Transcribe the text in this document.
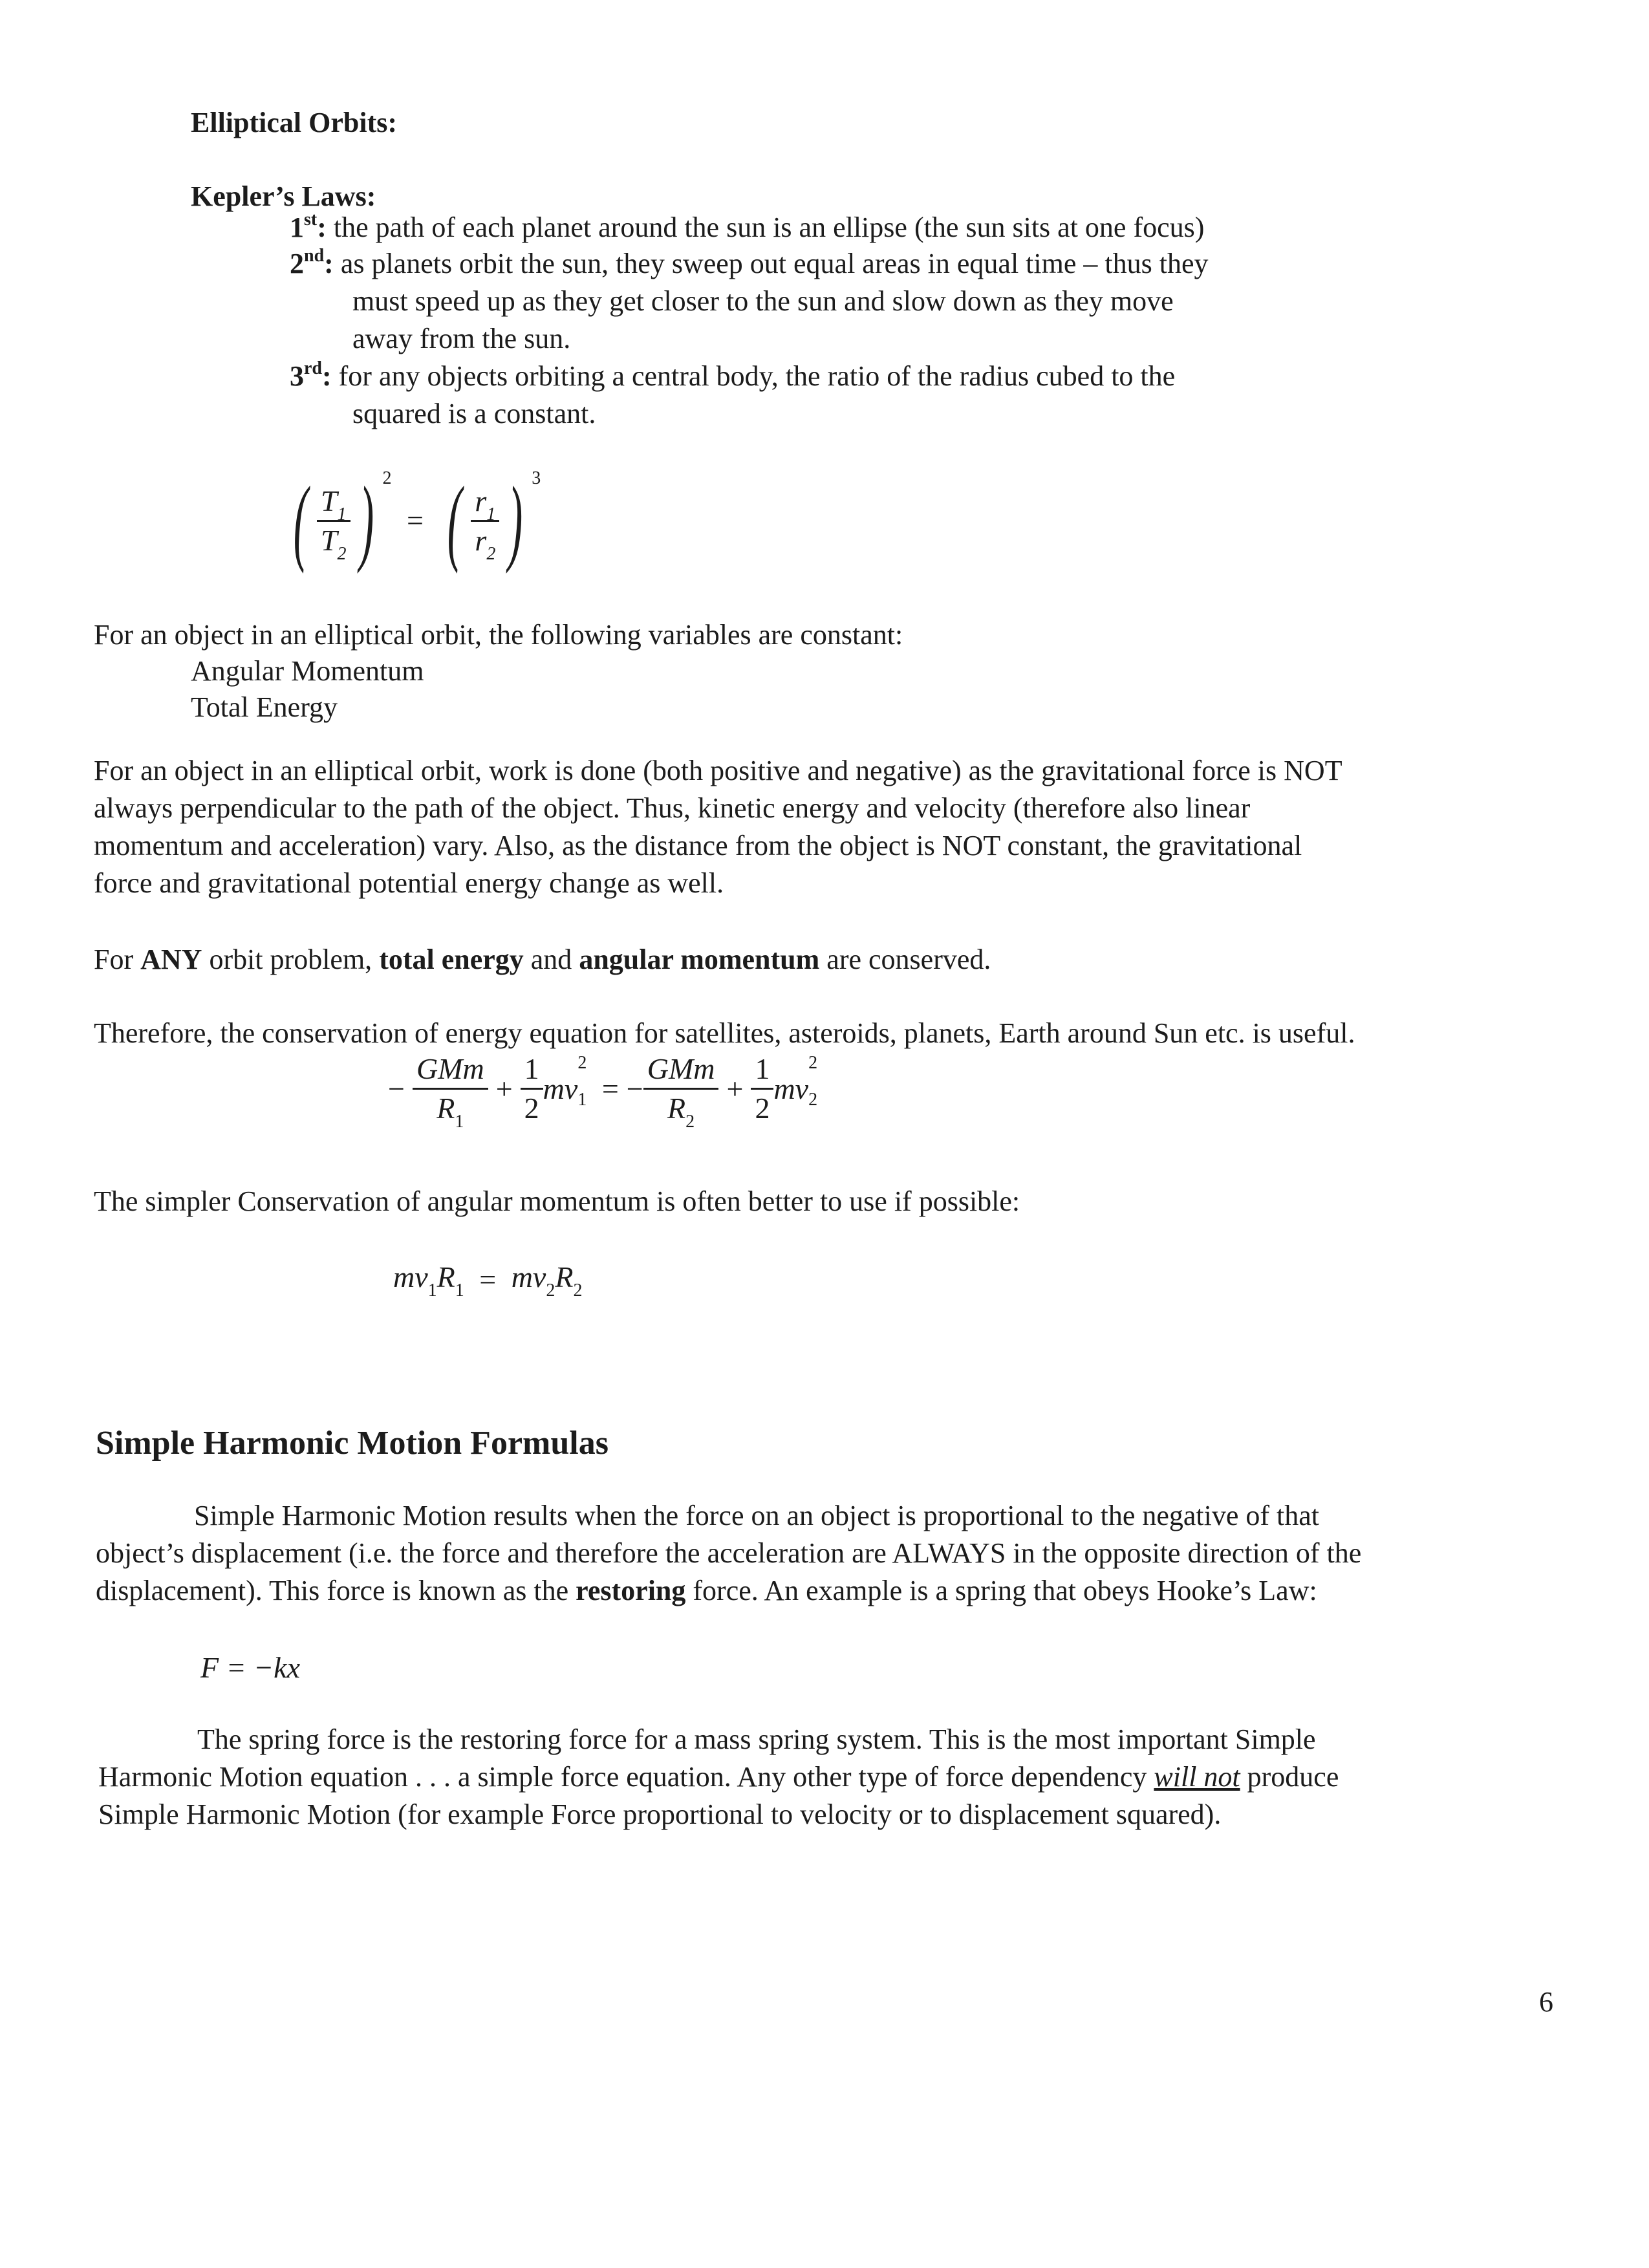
Elliptical Orbits:
Kepler’s Laws:
1st: the path of each planet around the sun is an ellipse (the sun sits at one focus)
2nd: as planets orbit the sun, they sweep out equal areas in equal time – thus they
must speed up as they get closer to the sun and slow down as they move
away from the sun.
3rd: for any objects orbiting a central body, the ratio of the radius cubed to the
squared is a constant.
( $\frac{T_1}{T_2}$ ) $^2$ = ( $\frac{r_1}{r_2}$ ) $^3$
For an object in an elliptical orbit, the following variables are constant:
Angular Momentum
Total Energy
For an object in an elliptical orbit, work is done (both positive and negative) as the gravitational force is NOT
always perpendicular to the path of the object. Thus, kinetic energy and velocity (therefore also linear
momentum and acceleration) vary. Also, as the distance from the object is NOT constant, the gravitational
force and gravitational potential energy change as well.
For ANY orbit problem, total energy and angular momentum are conserved.
Therefore, the conservation of energy equation for satellites, asteroids, planets, Earth around Sun etc. is useful.
− $\frac{\text{GMm}}{R_1} + \frac{1}{2} mv_1^2$ = − $\frac{\text{GMm}}{R_2} + \frac{1}{2} mv_2^2$
The simpler Conservation of angular momentum is often better to use if possible:
$mv_1R_1 = mv_2R_2$
Simple Harmonic Motion Formulas
Simple Harmonic Motion results when the force on an object is proportional to the negative of that
object’s displacement (i.e. the force and therefore the acceleration are ALWAYS in the opposite direction of the
displacement). This force is known as the restoring force. An example is a spring that obeys Hooke’s Law:
F = −kx
The spring force is the restoring force for a mass spring system. This is the most important Simple
Harmonic Motion equation . . . a simple force equation. Any other type of force dependency will not produce
Simple Harmonic Motion (for example Force proportional to velocity or to displacement squared).
6
